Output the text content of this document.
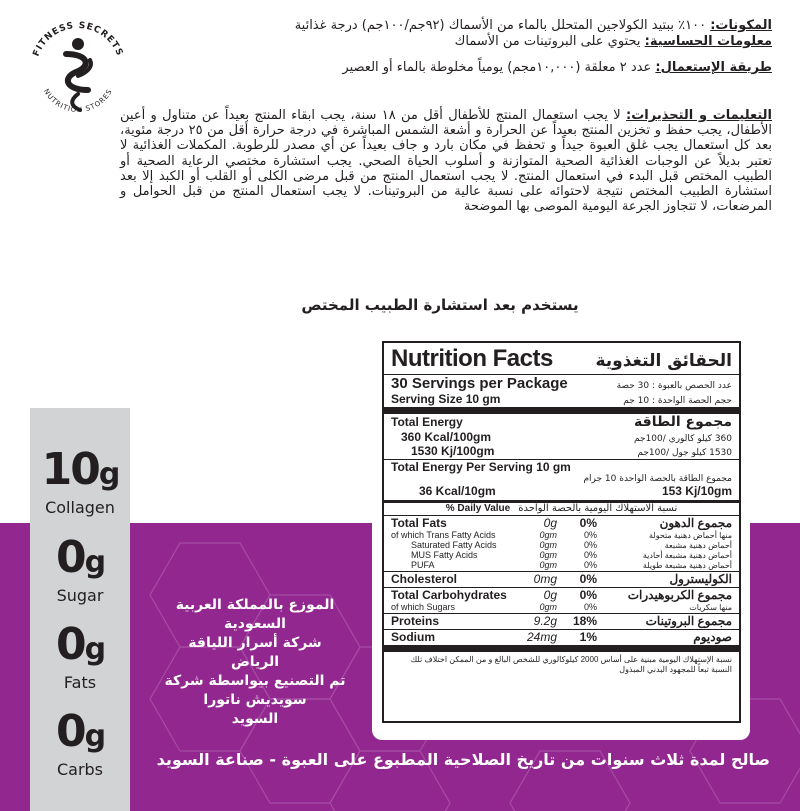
FITNESS SECRETS
NUTRITION STORES
المكونات: ١٠٠٪ ببتيد الكولاجين المتحلل بالماء من الأسماك (٩٢جم/١٠٠جم) درجة غذائية
معلومات الحساسية: يحتوي على البروتينات من الأسماك
طريقة الإستعمال: عدد ٢ معلقة (١٠,٠٠٠مجم) يومياً مخلوطة بالماء أو العصير
التعليمات و التحذيرات: لا يجب استعمال المنتج للأطفال أقل من ١٨ سنة، يجب ابقاء المنتج بعيداً عن متناول و أعين الأطفال، يجب حفظ و تخزين المنتج بعيداً عن الحرارة و أشعة الشمس المباشرة في درجة حرارة أقل من ٢٥ درجة مئوية، بعد كل استعمال يجب غلق العبوة جيداً و تحفظ في مكان بارد و جاف بعيداً عن أي مصدر للرطوبة. المكملات الغذائية لا تعتبر بديلاً عن الوجبات الغذائية الصحية المتوازنة و أسلوب الحياة الصحي. يجب استشارة مختصي الرعاية الصحية أو الطبيب المختص قبل البدء في استعمال المنتج. لا يجب استعمال المنتج من قبل مرضى الكلى أو القلب أو الكبد إلا بعد استشارة الطبيب المختص نتيجة لاحتوائه على نسبة عالية من البروتينات. لا يجب استعمال المنتج من قبل الحوامل و المرضعات، لا تتجاوز الجرعة اليومية الموصى بها الموضحة
يستخدم بعد استشارة الطبيب المختص
الموزع بالمملكة العربية السعودية
شركة أسرار اللياقة
الرياض
تم التصنيع بيواسطة شركة
سويديش ناتورا
السويد
صالح لمدة ثلاث سنوات من تاريخ الصلاحية المطبوع على العبوة - صناعة السويد
10g
Collagen
0g
Sugar
0g
Fats
0g
Carbs
Nutrition Facts	الحقائق التغذوية
30 Servings per Package	عدد الحصص بالعبوة : 30 حصة
Serving Size 10 gm	حجم الحصة الواحدة : 10 جم
Total Energy	مجموع الطاقة
360 Kcal/100gm	360 كيلو كالوري /100جم
1530 Kj/100gm	1530 كيلو جول /100جم
Total Energy Per Serving 10 gm
مجموع الطاقة بالحصة الواحدة 10 جرام
36 Kcal/10gm	153 Kj/10gm
% Daily Value نسبة الاستهلاك اليومية بالحصة الواحدة
Total Fats	0g	0%	مجموع الدهون
of which Trans Fatty Acids	0gm	0%	منها أحماض دهنية متحولة
Saturated Fatty Acids	0gm	0%	أحماض دهنية مشبعة
MUS Fatty Acids	0gm	0%	أحماض دهنية مشبعة أحادية
PUFA	0gm	0%	أحماض دهنية مشبعة طويلة
Cholesterol	0mg	0%	الكوليسترول
Total Carbohydrates	0g	0%	مجموع الكربوهيدرات
of which Sugars	0gm	0%	منها سكريات
Proteins	9.2g	18%	مجموع البروتينات
Sodium	24mg	1%	صوديوم
نسبة الإستهلاك اليومية مبنية على أساس 2000 كيلوكالوري للشخص البالغ و من الممكن اختلاف تلك النسبة تبعاً للمجهود البدني المبذول
